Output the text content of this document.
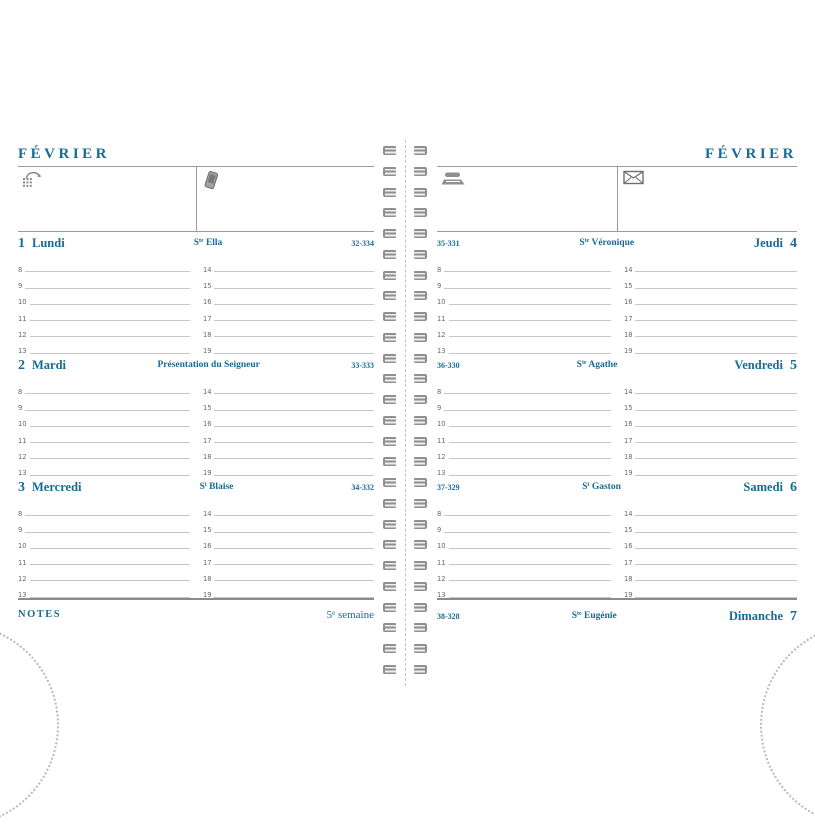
FÉVRIER
1 Lundi	$S^{te}$ Ella	32-334
8	14
9	15
10	16
11	17
12	18
13	19
2 Mardi	Présentation du Seigneur	33-333
8	14
9	15
10	16
11	17
12	18
13	19
3 Mercredi	$S^t$ Blaise	34-332
8	14
9	15
10	16
11	17
12	18
13	19
NOTES	5e semaine
FÉVRIER
35-331	$S^{te}$ Véronique	Jeudi 4
8	14
9	15
10	16
11	17
12	18
13	19
36-330	$S^{te}$ Agathe	Vendredi 5
8	14
9	15
10	16
11	17
12	18
13	19
37-329	$S^t$ Gaston	Samedi 6
8	14
9	15
10	16
11	17
12	18
13	19
38-328	$S^{te}$ Eugénie	Dimanche 7
